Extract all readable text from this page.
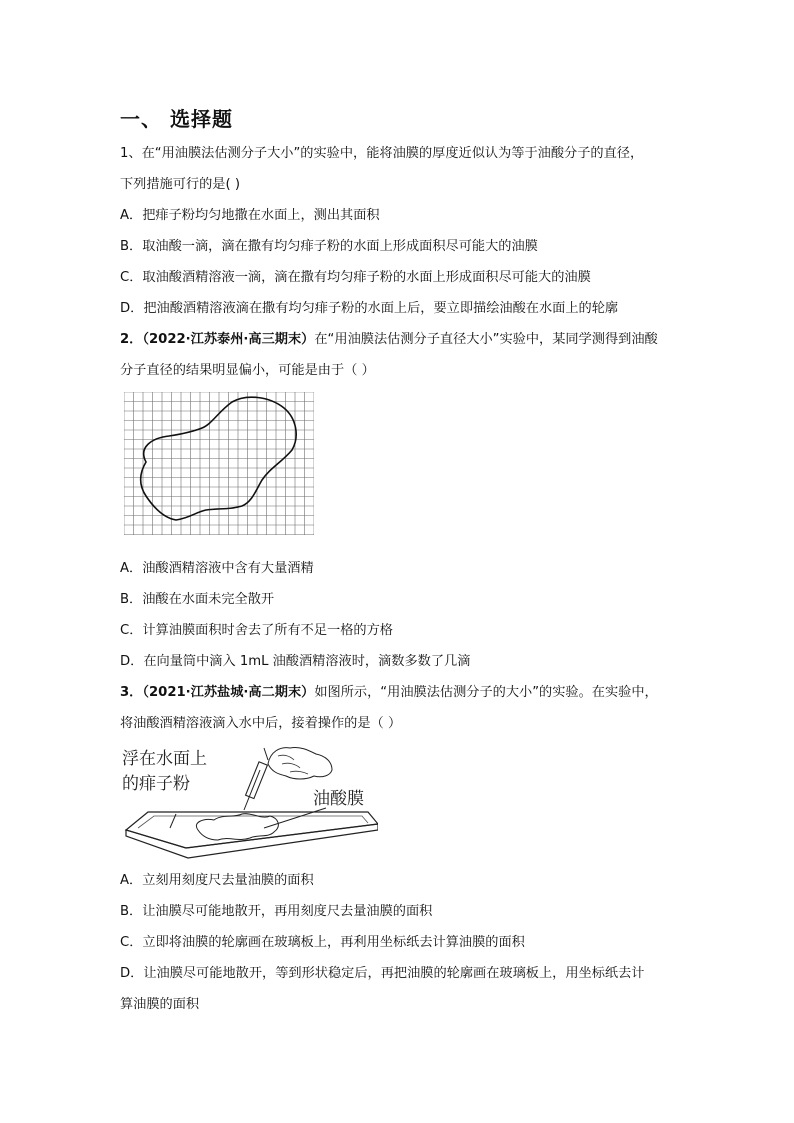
一、 选择题
1、在“用油膜法估测分子大小”的实验中，能将油膜的厚度近似认为等于油酸分子的直径，
下列措施可行的是( )
A．把痱子粉均匀地撒在水面上，测出其面积
B．取油酸一滴，滴在撒有均匀痱子粉的水面上形成面积尽可能大的油膜
C．取油酸酒精溶液一滴，滴在撒有均匀痱子粉的水面上形成面积尽可能大的油膜
D．把油酸酒精溶液滴在撒有均匀痱子粉的水面上后，要立即描绘油酸在水面上的轮廓
2．（2022·江苏泰州·高三期末）在“用油膜法估测分子直径大小”实验中，某同学测得到油酸
分子直径的结果明显偏小，可能是由于（ ）
A．油酸酒精溶液中含有大量酒精
B．油酸在水面未完全散开
C．计算油膜面积时舍去了所有不足一格的方格
D．在向量筒中滴入 1mL 油酸酒精溶液时，滴数多数了几滴
3．（2021·江苏盐城·高二期末）如图所示，“用油膜法估测分子的大小”的实验。在实验中，
将油酸酒精溶液滴入水中后，接着操作的是（ ）
浮在水面上
的痱子粉
油酸膜
A．立刻用刻度尺去量油膜的面积
B．让油膜尽可能地散开，再用刻度尺去量油膜的面积
C．立即将油膜的轮廓画在玻璃板上，再利用坐标纸去计算油膜的面积
D．让油膜尽可能地散开，等到形状稳定后，再把油膜的轮廓画在玻璃板上，用坐标纸去计
算油膜的面积
